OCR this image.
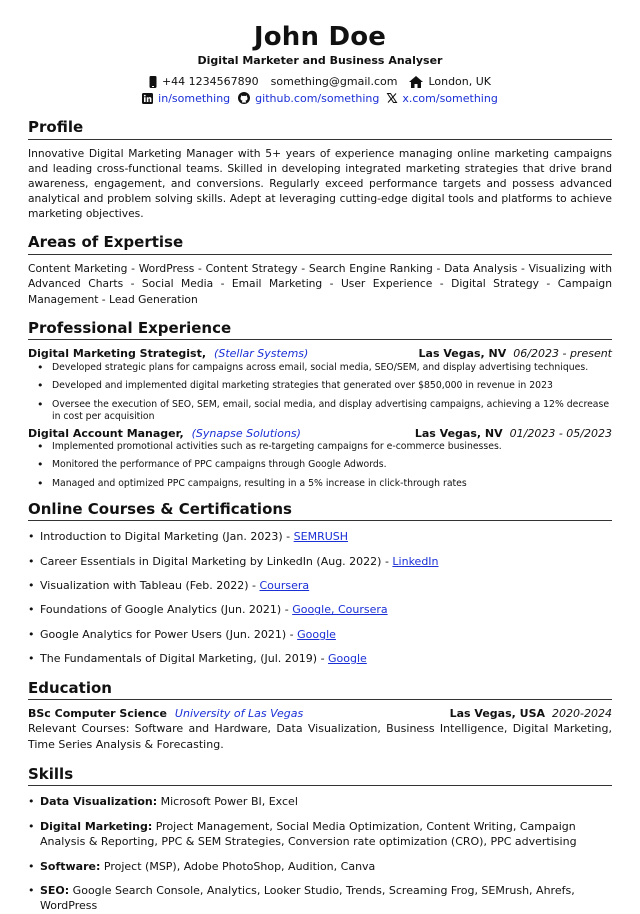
John Doe
Digital Marketer and Business Analyser
+44 1234567890 something@gmail.com	London, UK
in/something github.com/something x.com/something
Profile
Innovative Digital Marketing Manager with 5+ years of experience managing online marketing campaigns and leading cross-functional teams. Skilled in developing integrated marketing strategies that drive brand awareness, engagement, and conversions. Regularly exceed performance targets and possess advanced analytical and problem solving skills. Adept at leveraging cutting-edge digital tools and platforms to achieve marketing objectives.
Areas of Expertise
Content Marketing - WordPress - Content Strategy - Search Engine Ranking - Data Analysis - Visualizing with Advanced Charts - Social Media - Email Marketing - User Experience - Digital Strategy - Campaign Management - Lead Generation
Professional Experience
Digital Marketing Strategist, (Stellar Systems)	Las Vegas, NV 06/2023 - present
• Developed strategic plans for campaigns across email, social media, SEO/SEM, and display advertising techniques.
• Developed and implemented digital marketing strategies that generated over $850,000 in revenue in 2023
• Oversee the execution of SEO, SEM, email, social media, and display advertising campaigns, achieving a 12% decrease in cost per acquisition
Digital Account Manager, (Synapse Solutions)	Las Vegas, NV 01/2023 - 05/2023
• Implemented promotional activities such as re-targeting campaigns for e-commerce businesses.
• Monitored the performance of PPC campaigns through Google Adwords.
• Managed and optimized PPC campaigns, resulting in a 5% increase in click-through rates
Online Courses & Certifications
• Introduction to Digital Marketing (Jan. 2023) - SEMRUSH
• Career Essentials in Digital Marketing by LinkedIn (Aug. 2022) - LinkedIn
• Visualization with Tableau (Feb. 2022) - Coursera
• Foundations of Google Analytics (Jun. 2021) - Google, Coursera
• Google Analytics for Power Users (Jun. 2021) - Google
• The Fundamentals of Digital Marketing, (Jul. 2019) - Google
Education
BSc Computer Science University of Las Vegas	Las Vegas, USA 2020-2024
Relevant Courses: Software and Hardware, Data Visualization, Business Intelligence, Digital Marketing, Time Series Analysis & Forecasting.
Skills
• Data Visualization: Microsoft Power BI, Excel
• Digital Marketing: Project Management, Social Media Optimization, Content Writing, Campaign Analysis & Reporting, PPC & SEM Strategies, Conversion rate optimization (CRO), PPC advertising
• Software: Project (MSP), Adobe PhotoShop, Audition, Canva
• SEO: Google Search Console, Analytics, Looker Studio, Trends, Screaming Frog, SEMrush, Ahrefs, WordPress
